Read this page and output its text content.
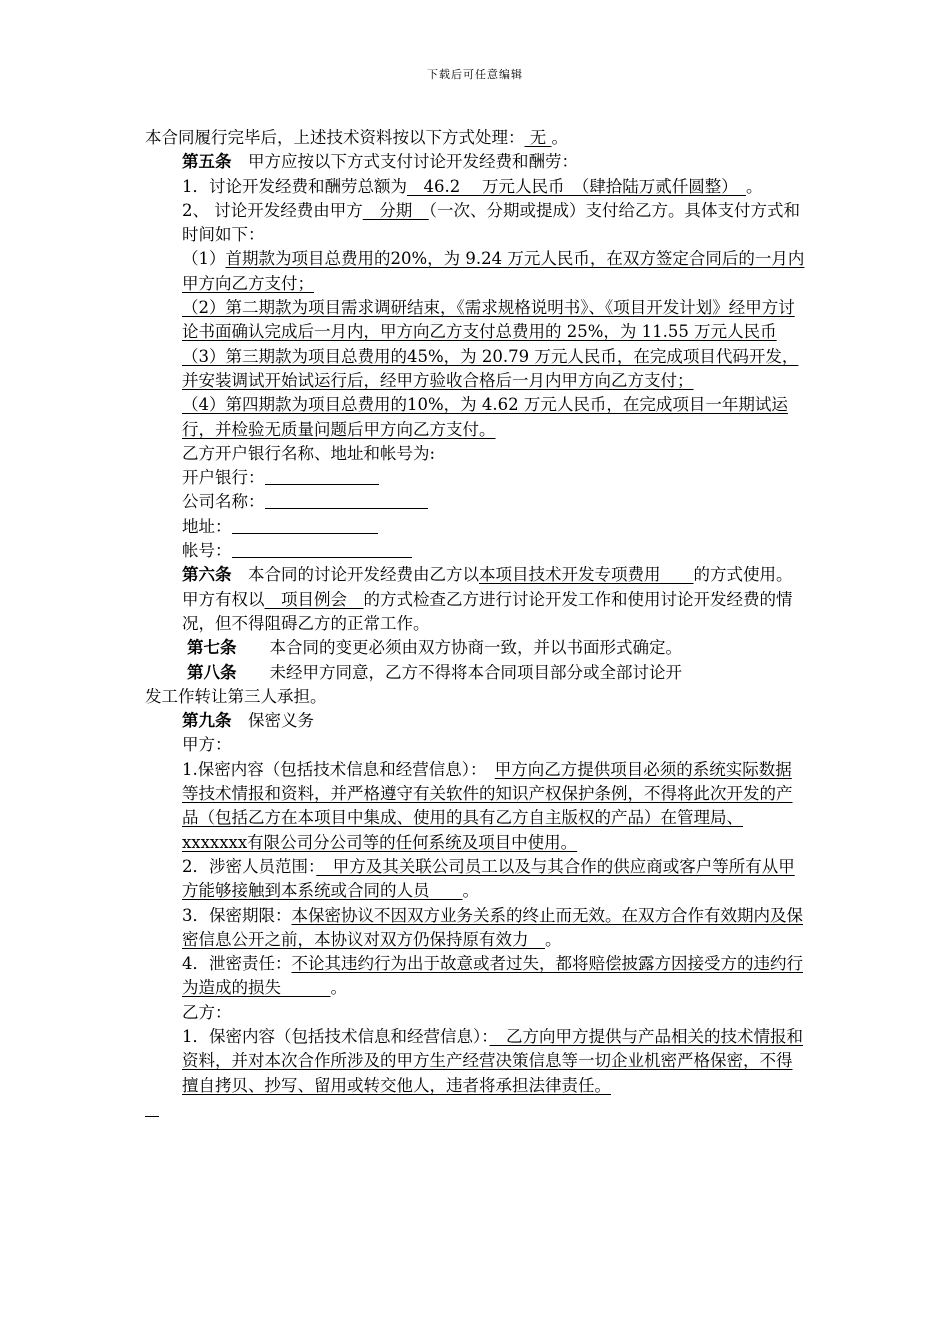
下载后可任意编辑

本合同履行完毕后，上述技术资料按以下方式处理： 无 。

第五条　甲方应按以下方式支付讨论开发经费和酬劳：

1．讨论开发经费和酬劳总额为　46.2　 万元人民币　（肆拾陆万贰仟圆整）　。

2、 讨论开发经费由甲方　分期　（一次、分期或提成）支付给乙方。具体支付方式和时间如下：

（1）首期款为项目总费用的20%，为 9.24 万元人民币，在双方签定合同后的一月内甲方向乙方支付；

（2）第二期款为项目需求调研结束，《需求规格说明书》、《项目开发计划》经甲方讨论书面确认完成后一月内，甲方向乙方支付总费用的 25%，为 11.55 万元人民币

（3）第三期款为项目总费用的45%，为 20.79 万元人民币，在完成项目代码开发，并安装调试开始试运行后，经甲方验收合格后一月内甲方向乙方支付；

（4）第四期款为项目总费用的10%，为 4.62 万元人民币，在完成项目一年期试运行，并检验无质量问题后甲方向乙方支付。

乙方开户银行名称、地址和帐号为:

开户银行：

公司名称：

地址：

帐号：

第六条　本合同的讨论开发经费由乙方以本项目技术开发专项费用　　的方式使用。甲方有权以　项目例会　的方式检查乙方进行讨论开发工作和使用讨论开发经费的情况，但不得阻碍乙方的正常工作。

第七条　　本合同的变更必须由双方协商一致，并以书面形式确定。

第八条　　未经甲方同意，乙方不得将本合同项目部分或全部讨论开

发工作转让第三人承担。

第九条　保密义务

甲方：

1.保密内容（包括技术信息和经营信息）：　甲方向乙方提供项目必须的系统实际数据等技术情报和资料，并严格遵守有关软件的知识产权保护条例，不得将此次开发的产品（包括乙方在本项目中集成、使用的具有乙方自主版权的产品）在管理局、xxxxxxx有限公司分公司等的任何系统及项目中使用。

2．涉密人员范围：　甲方及其关联公司员工以及与其合作的供应商或客户等所有从甲方能够接触到本系统或合同的人员　　。

3．保密期限：本保密协议不因双方业务关系的终止而无效。在双方合作有效期内及保密信息公开之前，本协议对双方仍保持原有效力　。

4．泄密责任：不论其违约行为出于故意或者过失，都将赔偿披露方因接受方的违约行为造成的损失　　　。

乙方：

1．保密内容（包括技术信息和经营信息）：　乙方向甲方提供与产品相关的技术情报和资料，并对本次合作所涉及的甲方生产经营决策信息等一切企业机密严格保密，不得擅自拷贝、抄写、留用或转交他人，违者将承担法律责任。
